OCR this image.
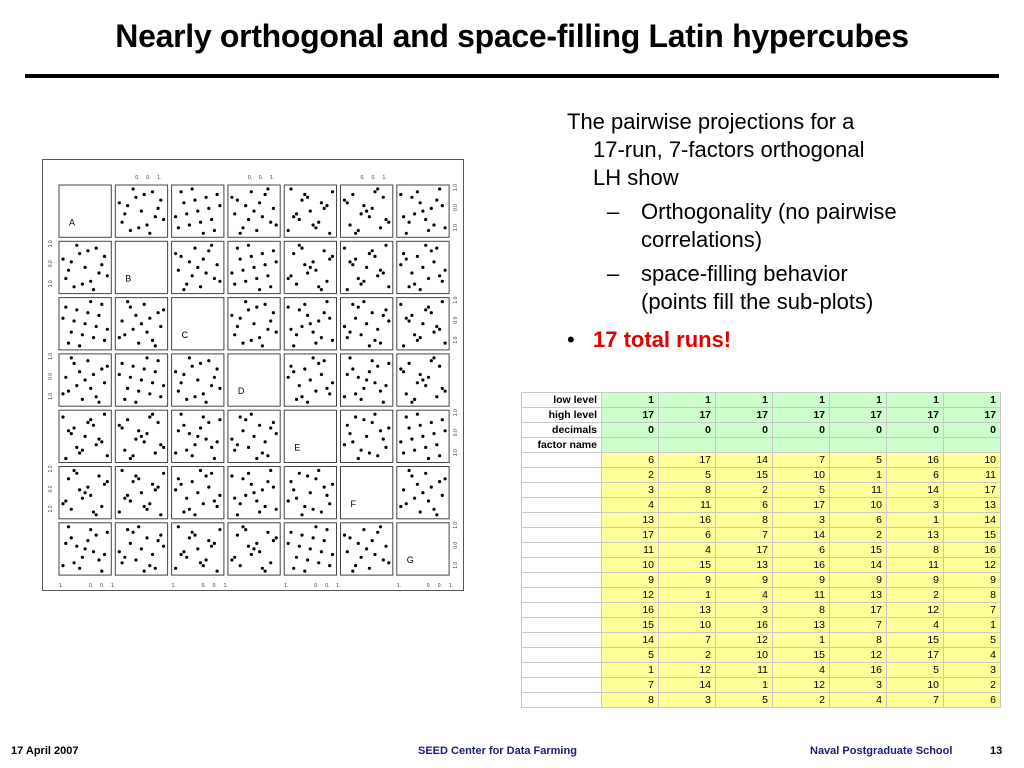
Nearly orthogonal and space-filling Latin hypercubes
A
B
C
D
E
F
G
1.	0. 0. 1.
0. 0. 1.
1.	0. 0. 1.
0. 0. 1.
1.	0. 0. 1.
0. 0. 1.
1.	0. 0. 1.
1.0
0.0
1.0
1.0
0.0
1.0
1.0
0.0
1.0
1.0
0.0
1.0
1.0
0.0
1.0
1.0
0.0
1.0
1.0
0.0
1.0
The pairwise projections for a
17-run, 7-factors orthogonal
LH show
– Orthogonality (no pairwise
correlations)
– space-filling behavior
(points fill the sub-plots)
• 17 total runs!
low level	1	1	1	1	1	1	1
high level	17	17	17	17	17	17	17
decimals	0	0	0	0	0	0	0
factor name							
	6	17	14	7	5	16	10
	2	5	15	10	1	6	11
	3	8	2	5	11	14	17
	4	11	6	17	10	3	13
	13	16	8	3	6	1	14
	17	6	7	14	2	13	15
	11	4	17	6	15	8	16
	10	15	13	16	14	11	12
	9	9	9	9	9	9	9
	12	1	4	11	13	2	8
	16	13	3	8	17	12	7
	15	10	16	13	7	4	1
	14	7	12	1	8	15	5
	5	2	10	15	12	17	4
	1	12	11	4	16	5	3
	7	14	1	12	3	10	2
	8	3	5	2	4	7	6
17 April 2007	SEED Center for Data Farming	Naval Postgraduate School	13
